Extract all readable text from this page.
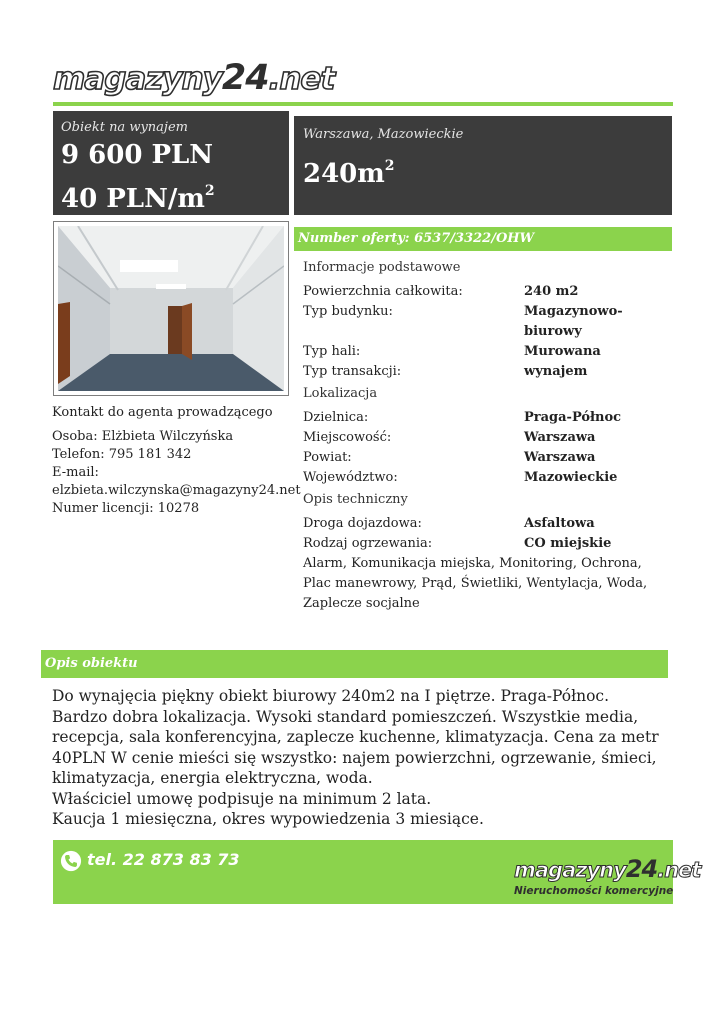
magazyny24.net
Obiekt na wynajem
9 600 PLN
40 PLN/$m^2$
Warszawa, Mazowieckie
$240m^2$
Number oferty: 6537/3322/OHW
Informacje podstawowe
Powierzchnia całkowita:	240 m2
Typ budynku:	Magazynowo-biurowy
Typ hali:	Murowana
Typ transakcji:	wynajem
Lokalizacja
Dzielnica:	Praga-Północ
Miejscowość:	Warszawa
Powiat:	Warszawa
Województwo:	Mazowieckie
Opis techniczny
Droga dojazdowa:	Asfaltowa
Rodzaj ogrzewania:	CO miejskie
Alarm, Komunikacja miejska, Monitoring, Ochrona, Plac manewrowy, Prąd, Świetliki, Wentylacja, Woda, Zaplecze socjalne
Kontakt do agenta prowadzącego
Osoba: Elżbieta Wilczyńska
Telefon: 795 181 342
E-mail:
elzbieta.wilczynska@magazyny24.net
Numer licencji: 10278
Opis obiektu

Do wynajęcia piękny obiekt biurowy 240m2 na I piętrze. Praga-Północ. Bardzo dobra lokalizacja. Wysoki standard pomieszczeń. Wszystkie media, recepcja, sala konferencyjna, zaplecze kuchenne, klimatyzacja. Cena za metr 40PLN W cenie mieści się wszystko: najem powierzchni, ogrzewanie, śmieci, klimatyzacja, energia elektryczna, woda.

Właściciel umowę podpisuje na minimum 2 lata.

Kaucja 1 miesięczna, okres wypowiedzenia 3 miesiące.

tel. 22 873 83 73	magazyny24.net
Nieruchomości komercyjne
